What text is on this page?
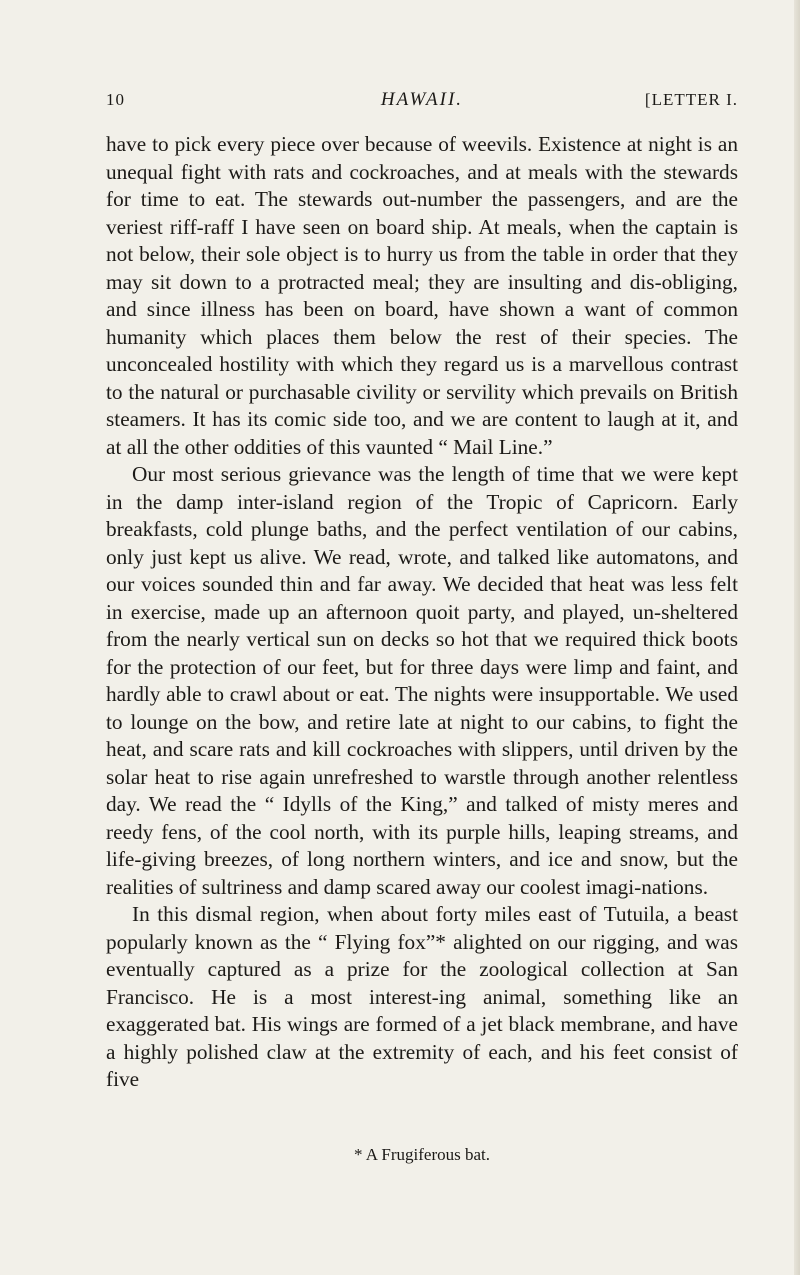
10	HAWAII.	[LETTER I.

have to pick every piece over because of weevils. Existence at night is an unequal fight with rats and cockroaches, and at meals with the stewards for time to eat. The stewards out-number the passengers, and are the veriest riff-raff I have seen on board ship. At meals, when the captain is not below, their sole object is to hurry us from the table in order that they may sit down to a protracted meal; they are insulting and dis-obliging, and since illness has been on board, have shown a want of common humanity which places them below the rest of their species. The unconcealed hostility with which they regard us is a marvellous contrast to the natural or purchasable civility or servility which prevails on British steamers. It has its comic side too, and we are content to laugh at it, and at all the other oddities of this vaunted “ Mail Line.”

Our most serious grievance was the length of time that we were kept in the damp inter-island region of the Tropic of Capricorn. Early breakfasts, cold plunge baths, and the perfect ventilation of our cabins, only just kept us alive. We read, wrote, and talked like automatons, and our voices sounded thin and far away. We decided that heat was less felt in exercise, made up an afternoon quoit party, and played, un-sheltered from the nearly vertical sun on decks so hot that we required thick boots for the protection of our feet, but for three days were limp and faint, and hardly able to crawl about or eat. The nights were insupportable. We used to lounge on the bow, and retire late at night to our cabins, to fight the heat, and scare rats and kill cockroaches with slippers, until driven by the solar heat to rise again unrefreshed to warstle through another relentless day. We read the “ Idylls of the King,” and talked of misty meres and reedy fens, of the cool north, with its purple hills, leaping streams, and life-giving breezes, of long northern winters, and ice and snow, but the realities of sultriness and damp scared away our coolest imagi-nations.

In this dismal region, when about forty miles east of Tutuila, a beast popularly known as the “ Flying fox”* alighted on our rigging, and was eventually captured as a prize for the zoological collection at San Francisco. He is a most interest-ing animal, something like an exaggerated bat. His wings are formed of a jet black membrane, and have a highly polished claw at the extremity of each, and his feet consist of five

* A Frugiferous bat.
